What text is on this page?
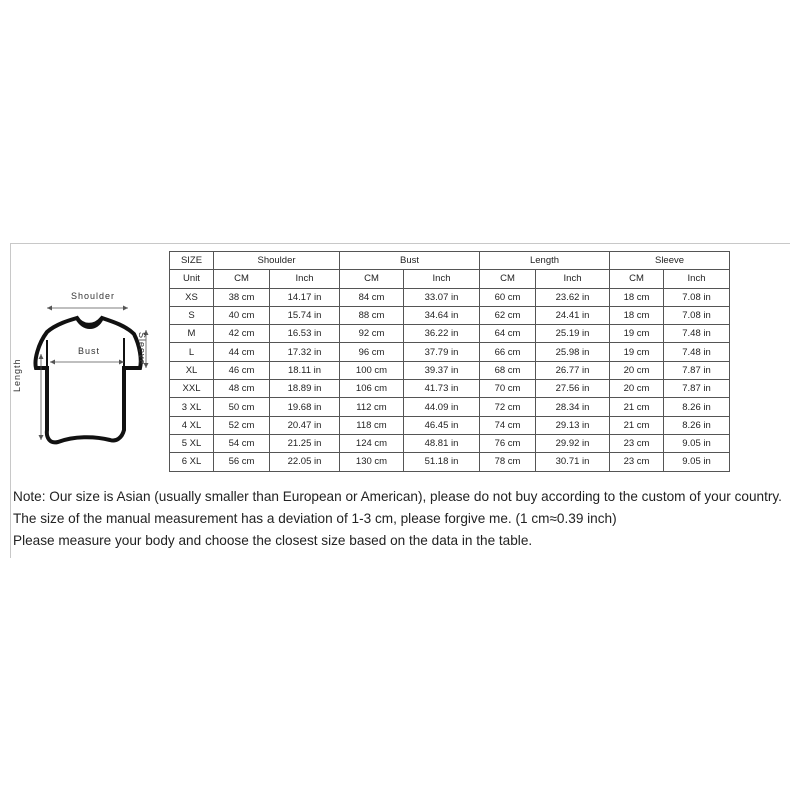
Shoulder
Bust	Sleeve
Length
SIZE	Shoulder		Bust		Length		Sleeve	
Unit	CM	Inch	CM	Inch	CM	Inch	CM	Inch
XS	38 cm	14.17 in	84 cm	33.07 in	60 cm	23.62 in	18 cm	7.08 in
S	40 cm	15.74 in	88 cm	34.64 in	62 cm	24.41 in	18 cm	7.08 in
M	42 cm	16.53 in	92 cm	36.22 in	64 cm	25.19 in	19 cm	7.48 in
L	44 cm	17.32 in	96 cm	37.79 in	66 cm	25.98 in	19 cm	7.48 in
XL	46 cm	18.11 in	100 cm	39.37 in	68 cm	26.77 in	20 cm	7.87 in
XXL	48 cm	18.89 in	106 cm	41.73 in	70 cm	27.56 in	20 cm	7.87 in
3 XL	50 cm	19.68 in	112 cm	44.09 in	72 cm	28.34 in	21 cm	8.26 in
4 XL	52 cm	20.47 in	118 cm	46.45 in	74 cm	29.13 in	21 cm	8.26 in
5 XL	54 cm	21.25 in	124 cm	48.81 in	76 cm	29.92 in	23 cm	9.05 in
6 XL	56 cm	22.05 in	130 cm	51.18 in	78 cm	30.71 in	23 cm	9.05 in

Note: Our size is Asian (usually smaller than European or American), please do not buy according to the custom of your country.

The size of the manual measurement has a deviation of 1-3 cm, please forgive me. (1 cm≈0.39 inch)

Please measure your body and choose the closest size based on the data in the table.
